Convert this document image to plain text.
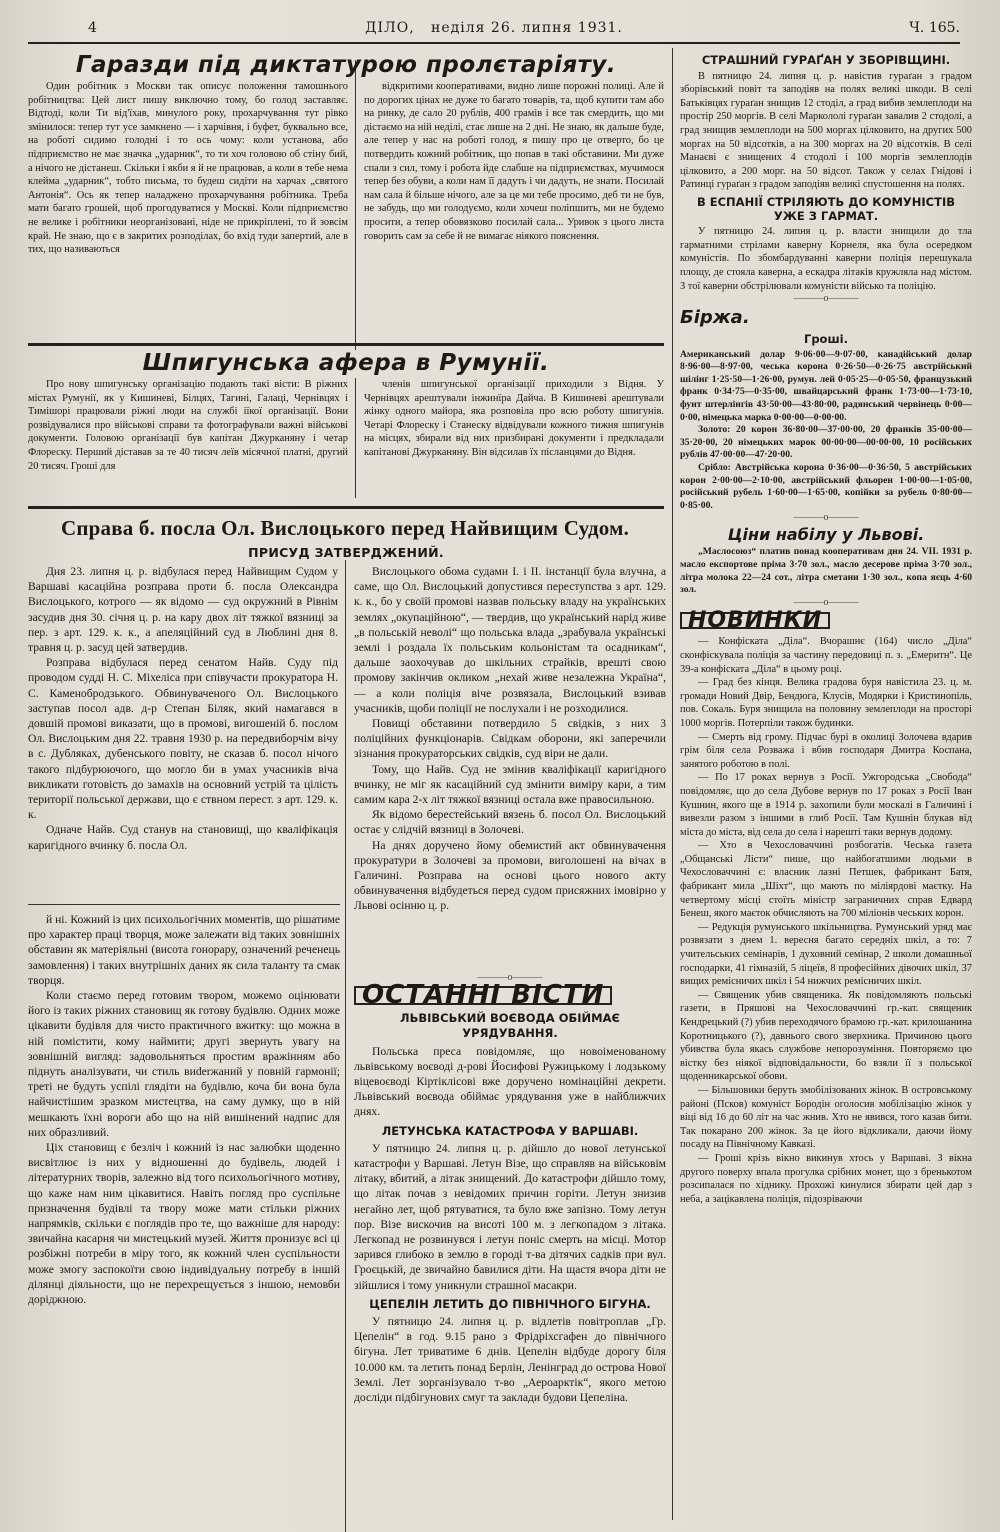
4	ДІЛО, неділя 26. липня 1931.	Ч. 165.
Гаразди під диктатурою пролєтаріяту.

Один робітник з Москви так описує положення тамошнього робітництва: Цей лист пишу виключно тому, бо голод заставляє. Відтоді, коли Ти від'їхав, минулого року, прохарчування тут рівко змінилося: тепер тут усе замкнено — і харчівня, і буфет, буквально все, на роботі сидимо голодні і то ось чому: коли установа, або підприємство не має значка „ударник“, то ти хоч головою об стіну бий, а нічого не дістанеш. Скільки і якби я й не працював, а коли в тебе нема клейма „ударник“, тобто письма, то будеш сидіти на харчах „святого Антонія“. Ось як тепер наладжено прохарчування робітника. Треба мати багато грошей, щоб прогодуватися у Москві. Коли підприємство не велике і робітники неорганізовані, ніде не прикріплені, то й зовсім край. Не знаю, що є в закритих розподілах, бо вхід туди запертий, але в тих, що називаються

відкритими кооперативами, видно лише порожні полиці. Але й по дорогих цінах не дуже то багато товарів, та, щоб купити там або на ринку, де сало 20 рублів, 400 грамів і все так смердить, що ми дістаємо на ній неділі, стає лише на 2 дні. Не знаю, як дальше буде, але тепер у нас на роботі голод, я пишу про це отверто, бо це потвердить кожний робітник, що попав в такі обставини. Ми дуже спали з сил, тому і робота йде слабше на підприємствах, мучимося тепер без обуви, а коли нам її дадуть і чи дадуть, не знати. Посилай нам сала й більше нічого, але за це ми тебе просимо, деб ти не був, не забудь, що ми голодуємо, коли хочеш поліпшить, ми не будемо просити, а тепер обовязково посилай сала... Уривок з цього листа говорить сам за себе й не вимагає ніякого пояснення.

Шпигунська афера в Румунії.

Про нову шпигунську організацію подають такі вісти: В ріжних містах Румунії, як у Кишиневі, Білцях, Тагині, Галаці, Чернівцях і Тимішорі працювали ріжні люди на службі іїкої організації. Вони розвідувалися про військові справи та фотографували важні військові документи. Головою організації був капітан Джурканяну і четар Флореску. Перший діставав за те 40 тисяч леїв місячної платні, другий 20 тисяч. Гроші для

членів шпигунської організації приходили з Відня. У Чернівцях арештували інжинїра Дайча. В Кишиневі арештували жінку одного майора, яка розповіла про всю роботу шпигунів. Четарі Флореску і Станеску відвідували кожного тижня шпигунів на місцях, збирали від них призбирані документи і предкладали капітанові Джурканяну. Він відсилав їх післанцями до Відня.

Справа б. посла Ол. Вислоцького перед Найвищим Судом.
ПРИСУД ЗАТВЕРДЖЕНИЙ.

Дня 23. липня ц. р. відбулася перед Найвищим Судом у Варшаві касаційна розправа проти б. посла Олександра Вислоцького, котрого — як відомо — суд окружний в Рівнім засудив дня 30. січня ц. р. на кару двох літ тяжкої вязниці за пер. з арт. 129. к. к., а апеляційний суд в Люблині дня 8. травня ц. р. засуд цей затвердив.

Розправа відбулася перед сенатом Найв. Суду під проводом судді Н. С. Міхеліса при співучасти прокуратора Н. С. Каменобродзького. Обвинуваченого Ол. Вислоцького заступав посол адв. д-р Степан Біляк, який намагався в довшій промові виказати, що в промові, вигошеній б. послом Ол. Вислоцьким дня 22. травня 1930 р. на передвиборчім вічу в с. Дубляках, дубенського повіту, не сказав б. посол нічого такого підбурюючого, що могло би в умах учасників віча викликати готовість до замахів на основний устрій та цілість території польської держави, що є ствном перест. з арт. 129. к. к.

Одначе Найв. Суд станув на становищі, що кваліфікація каригідного вчинку б. посла Ол.

Вислоцького обома судами І. і ІІ. інстанції була влучна, а саме, що Ол. Вислоцький допустився переступства з арт. 129. к. к., бо у своїй промові назвав польську владу на українських землях „окупаційною“, — твердив, що український нарід живе „в польській неволі“ що польська влада „зрабувала українські землі і роздала їх польським кольоністам та осадникам“, дальше заохочував до шкільних страйків, врешті свою промову закінчив окликом „нехай живе незалежна Україна“, — а коли поліція віче розвязала, Вислоцький взивав учасників, щоби поліції не послухали і не розходилися.

Повищі обставини потвердило 5 свідків, з них 3 поліційних функціонарів. Свідкам оборони, які заперечили зізнання прокураторських свідків, суд віри не дали.

Тому, що Найв. Суд не змінив кваліфікації каригідного вчинку, не міг як касаційний суд змінити виміру кари, а тим самим кара 2-х літ тяжкої вязниці остала вже правосильною.

Як відомо берестейський вязень б. посол Ол. Вислоцький остає у слідчій вязниці в Золочеві.

На днях доручено йому обемистий акт обвинувачення прокуратури в Золочеві за промови, виголошені на вічах в Галичині. Розправа на основі цього нового акту обвинувачення відбудеться перед судом присяжних імовірно у Львові осінню ц. р.

й ні. Кожний із цих психольогічних моментів, що рішатиме про характер праці творця, може залежати від таких зовнішніх обставин як матеріяльні (висота гонорару, означений реченець замовлення) і таких внутрішніх даних як сила таланту та смак творця.

Коли стаємо перед готовим твором, можемо оцінювати його із таких ріжних становищ як готову будівлю. Одних може цікавити будівля для чисто практичного вжитку: що можна в ній помістити, кому наймити; другі звернуть увагу на зовнішній вигляд: задовольняться простим вражінням або піднуть аналізувати, чи стиль виderжаний у повній гармонії; треті не будуть успілі глядіти на будівлю, коча би вона була найчистішим зразком мистецтва, на саму думку, що в ній мешкають їхні вороги або що на ній вишінений надпис для них образливий.

Ціх становищ є безліч і кожний із нас залюбки щоденно висвітлює із них у відношенні до будівель, людей і літературних творів, залежно від того психольогічного мотиву, що каже нам ним цікавитися. Навіть погляд про суспільне призначення будівлі та твору може мати стільки ріжних напрямків, скільки є поглядів про те, що важніше для народу: звичайна касарня чи мистецький музей. Життя пронизує всі ці розбіжні потреби в міру того, як кожний член суспільности може змогу заспокоїти свою індивідуальну потребу в іншій ділянці діяльности, що не перехрещується з іншою, немовби доріджною.

———o———
ОСТАННІ ВІСТИ
ЛЬВІВСЬКИЙ ВОЄВОДА ОБІЙМАЄ УРЯДУВАННЯ.

Польська преса повідомляє, що новоіменованому львівському воєводі д-рові Йосифові Ружицькому і лодзькому віцевоєводі Кіртіклісові вже доручено номінаційні декрети. Львівський воєвода обіймає урядування уже в найближчих днях.

ЛЕТУНСЬКА КАТАСТРОФА У ВАРШАВІ.

У пятницю 24. липня ц. р. дійшло до нової летунської катастрофи у Варшаві. Летун Візе, що справляв на військовім літаку, вбитий, а літак знищений. До катастрофи дійшло тому, що літак почав з невідомих причин горіти. Летун знизив негайно лет, щоб рятуватися, та було вже запізно. Тому летун пор. Візе вискочив на висоті 100 м. з легкопадом з літака. Легкопад не розвинувся і летун поніс смерть на місці. Мотор зарився глибоко в землю в городі т-ва дітячих садків при вул. Гроєцькій, де звичайно бавилися діти. На щастя вчора діти не зійшлися і тому уникнули страшної масакри.

ЦЕПЕЛІН ЛЕТИТЬ ДО ПІВНІЧНОГО БІГУНА.

У пятницю 24. липня ц. р. відлетів повітроплав „Гр. Цепелін“ в год. 9.15 рано з Фрідріхсгафен до північного бігуна. Лет триватиме 6 днів. Цепелін відбуде дорогу біля 10.000 км. та летить понад Берлін, Ленінград до острова Нової Землі. Лет зорганізувало т-во „Аероарктік“, якого метою досліди підбігунових смуг та заклади будови Цепеліна.

СТРАШНИЙ ГУРАҐАН У ЗБОРІВЩИНІ.

В пятницю 24. липня ц. р. навістив гураґан з градом зборівський повіт та заподіяв на полях великі шкоди. В селі Батьківцях гураґан знищив 12 стоділ, а град вибив землеплоди на простір 250 моргів. В селі Маркололі гураґан завалив 2 стодолі, а град знищив землеплоди на 500 моргах цілковито, на других 500 моргах на 50 відсотків, а на 300 моргах на 20 відсотків. В селі Манаєві є знищених 4 стодолі і 100 моргів землеплодів цілковито, а 200 морг. на 50 відсот. Також у селах Гнідові і Ратинці гураґан з градом заподіяв великі спустошення на полях.

В ЕСПАНІЇ СТРІЛЯЮТЬ ДО КОМУНІСТІВ УЖЕ З ГАРМАТ.

У пятницю 24. липня ц. р. власти знищили до тла гарматними стрілами каверну Корнеля, яка була осередком комуністів. По збомбардуванні каверни поліція перешукала площу, де стояла каверна, а ескадра літаків кружляла над містом. З тої каверни обстрілювали комуністи військо та поліцію.

———o———
Біржа.
Гроші.

Американський долар 9·06·00—9·07·00, канадійський долар 8·96·00—8·97·00, чеська корона 0·26·50—0·26·75 австрійський шілінг 1·25·50—1·26·00, румун. лей 0·05·25—0·05·50, французький франк 0·34·75—0·35·00, швайцарський франк 1·73·00—1·73·10, фунт штерлінгів 43·50·00—43·80·00, радянський червінець 0·00—0·00, німецька марка 0·00·00—0·00·00.

Золото: 20 корон 36·80·00—37·00·00, 20 франків 35·00·00—35·20·00, 20 німецьких марок 00·00·00—00·00·00, 10 російських рублів 47·00·00—47·20·00.

Срібло: Австрійська корона 0·36·00—0·36·50, 5 австрійських корон 2·00·00—2·10·00, австрійський фльорен 1·00·00—1·05·00, російський рубель 1·60·00—1·65·00, копійки за рубель 0·80·00—0·85·00.

———o———
Ціни набілу у Львові.

„Маслосоюз“ платив понад кооперативам дня 24. VII. 1931 р. масло експортове пріма 3·70 зол., масло десерове пріма 3·70 зол., літра молока 22—24 сот., літра сметани 1·30 зол., копа яєць 4·60 зол.

———o———
НОВИНКИ

— Конфіската „Діла“. Вчорашнє (164) число „Діла“ сконфіскувала поліція за частину передовиці п. з. „Емеритн“. Це 39-а конфіската „Діла“ в цьому році.

— Град без кінця. Велика градова буря навістила 23. ц. м. громади Новий Двір, Бендюга, Клусів, Модярки і Кристинопіль, пов. Сокаль. Буря знищила на половину землеплоди на просторі 1000 моргів. Потерпіли також будинки.

— Смерть від грому. Підчас бурі в околиці Золочева вдарив грім біля села Розважа і вбив господаря Дмитра Коспана, занятого роботою в полі.

— По 17 роках вернув з Росії. Ужгородська „Свобода“ повідомляє, що до села Дубове вернув по 17 роках з Росії Іван Кушнин, якого ще в 1914 р. захопили були москалі в Галичині і вивезли разом з іншими в глиб Росії. Там Кушнін блукав від міста до міста, від села до села і нарешті таки вернув додому.

— Хто в Чехословаччині розбогатів. Чеська газета „Общанські Лісти“ пише, що найбогатшими людьми в Чехословаччині є: власник лазні Петшек, фабрикант Батя, фабрикант мила „Шіхт“, що мають по міліярдові маєтку. На четвертому місці стоїть міністр заграничних справ Едвард Бенеш, якого маєток обчисляють на 700 міліонів чеських корон.

— Редукція румунського шкільництва. Румунський уряд має розвязати з днем 1. вересня багато середніх шкіл, а то: 7 учительських семінарів, 1 духовний семінар, 2 школи домашньої господарки, 41 гімназій, 5 ліцеїв, 8 професійних дівочих шкіл, 37 вищих ремісничих шкіл і 54 нижчих ремісничих шкіл.

— Священик убив священика. Як повідомляють польські газети, в Пряшові на Чехословаччині гр.-кат. священик Кендрецький (?) убив переходячого брамою гр.-кат. крилошанина Коротницького (?), давнього свого зверхника. Причиною цього убивства була якась службове непорозуміння. Повторяємо цю вістку без ніякої відповідальности, бо взяли її з польської щоденникарської обови.

— Більшовики беруть змобілізованих жінок. В островському районі (Псков) комуніст Бородін оголосив мобілізацію жінок у віці від 16 до 60 літ на час жнив. Хто не явився, того казав бити. Так покарано 200 жінок. За це його відкликали, даючи йому посаду на Північному Кавказі.

— Гроші крізь вікно викинув хтось у Варшаві. З вікна другого поверху впала прогулка срібних монет, що з бренькотом розсипалася по хіднику. Прохожі кинулися збирати цей дар з неба, а зацікавлена поліція, підозріваючи
